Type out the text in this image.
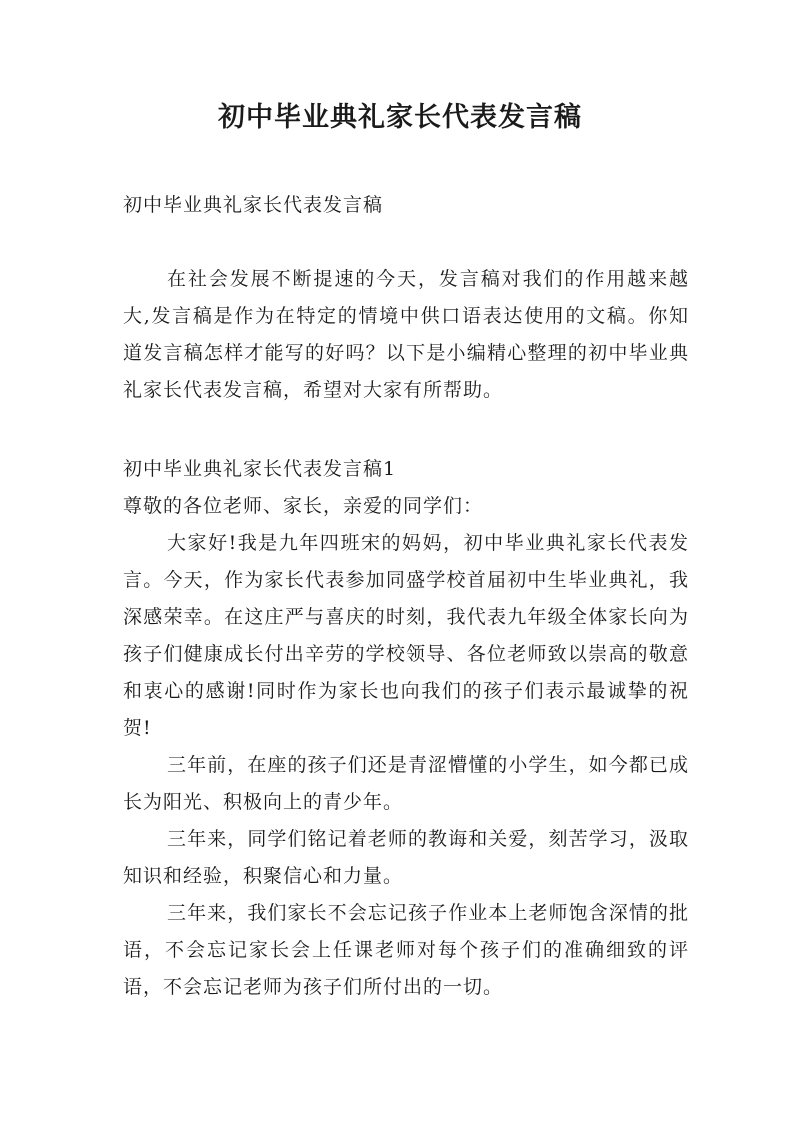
初中毕业典礼家长代表发言稿
初中毕业典礼家长代表发言稿

在社会发展不断提速的今天，发言稿对我们的作用越来越大,发言稿是作为在特定的情境中供口语表达使用的文稿。你知道发言稿怎样才能写的好吗？以下是小编精心整理的初中毕业典礼家长代表发言稿，希望对大家有所帮助。

初中毕业典礼家长代表发言稿1

尊敬的各位老师、家长，亲爱的同学们：

大家好!我是九年四班宋的妈妈，初中毕业典礼家长代表发言。今天，作为家长代表参加同盛学校首届初中生毕业典礼，我深感荣幸。在这庄严与喜庆的时刻，我代表九年级全体家长向为孩子们健康成长付出辛劳的学校领导、各位老师致以崇高的敬意和衷心的感谢!同时作为家长也向我们的孩子们表示最诚挚的祝贺!

三年前，在座的孩子们还是青涩懵懂的小学生，如今都已成长为阳光、积极向上的青少年。

三年来，同学们铭记着老师的教诲和关爱，刻苦学习，汲取知识和经验，积聚信心和力量。

三年来，我们家长不会忘记孩子作业本上老师饱含深情的批语，不会忘记家长会上任课老师对每个孩子们的准确细致的评语，不会忘记老师为孩子们所付出的一切。
